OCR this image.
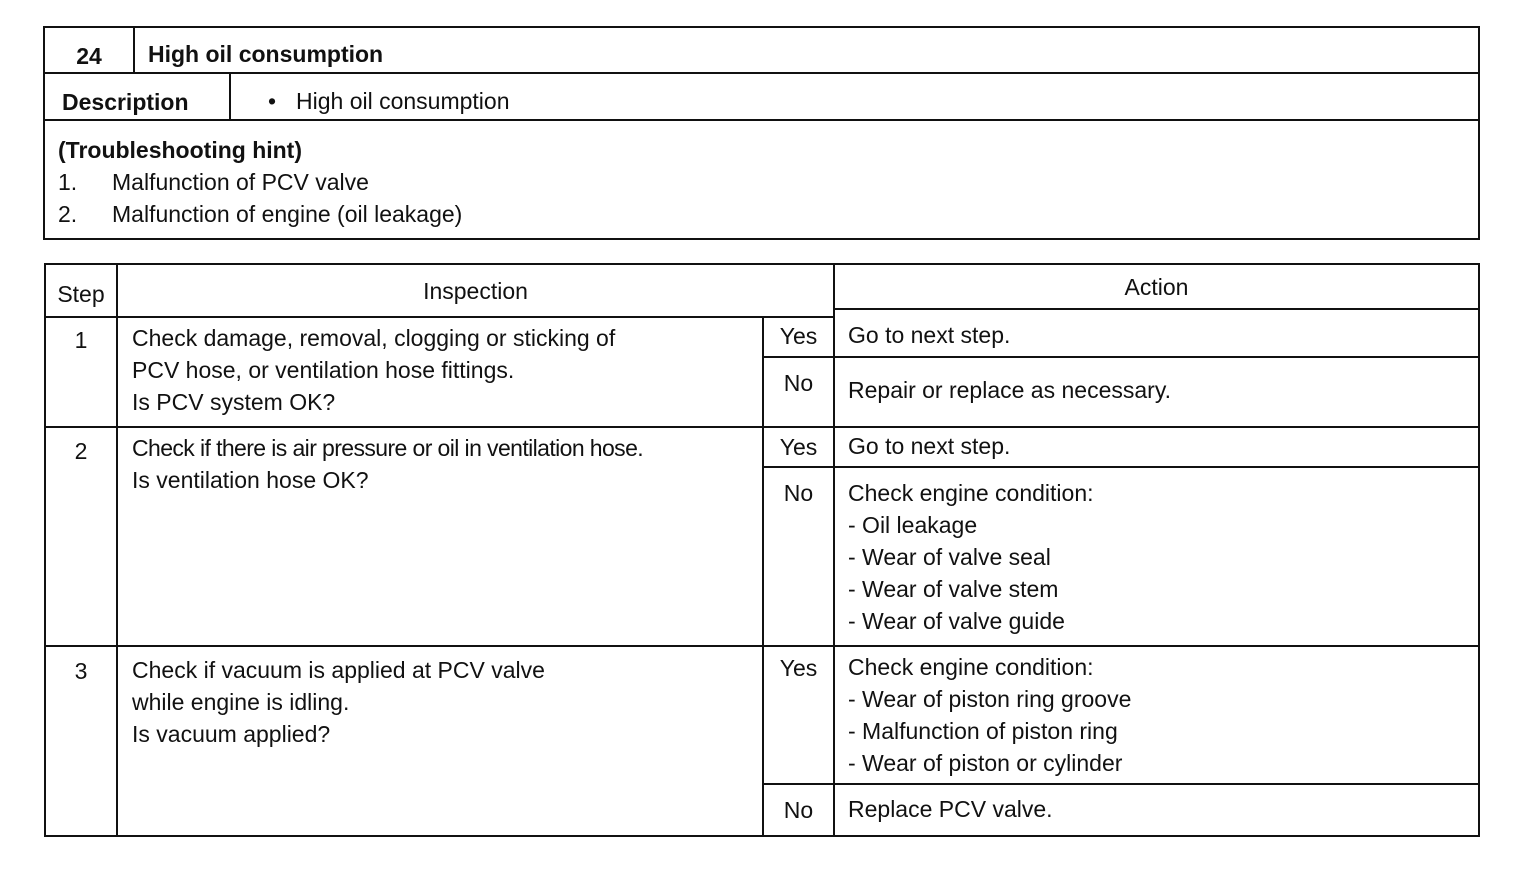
24	High oil consumption
Description	• High oil consumption
(Troubleshooting hint)
1. Malfunction of PCV valve
2. Malfunction of engine (oil leakage)
Step	Inspection	Action
1	Check damage, removal, clogging or sticking of
PCV hose, or ventilation hose fittings.
Is PCV system OK?
Yes	Go to next step.
No	Repair or replace as necessary.
2	Check if there is air pressure or oil in ventilation hose.
Is ventilation hose OK?
Yes	Go to next step.
No	Check engine condition:
- Oil leakage
- Wear of valve seal
- Wear of valve stem
- Wear of valve guide
3	Check if vacuum is applied at PCV valve
while engine is idling.
Is vacuum applied?
Yes	Check engine condition:
- Wear of piston ring groove
- Malfunction of piston ring
- Wear of piston or cylinder
No	Replace PCV valve.
